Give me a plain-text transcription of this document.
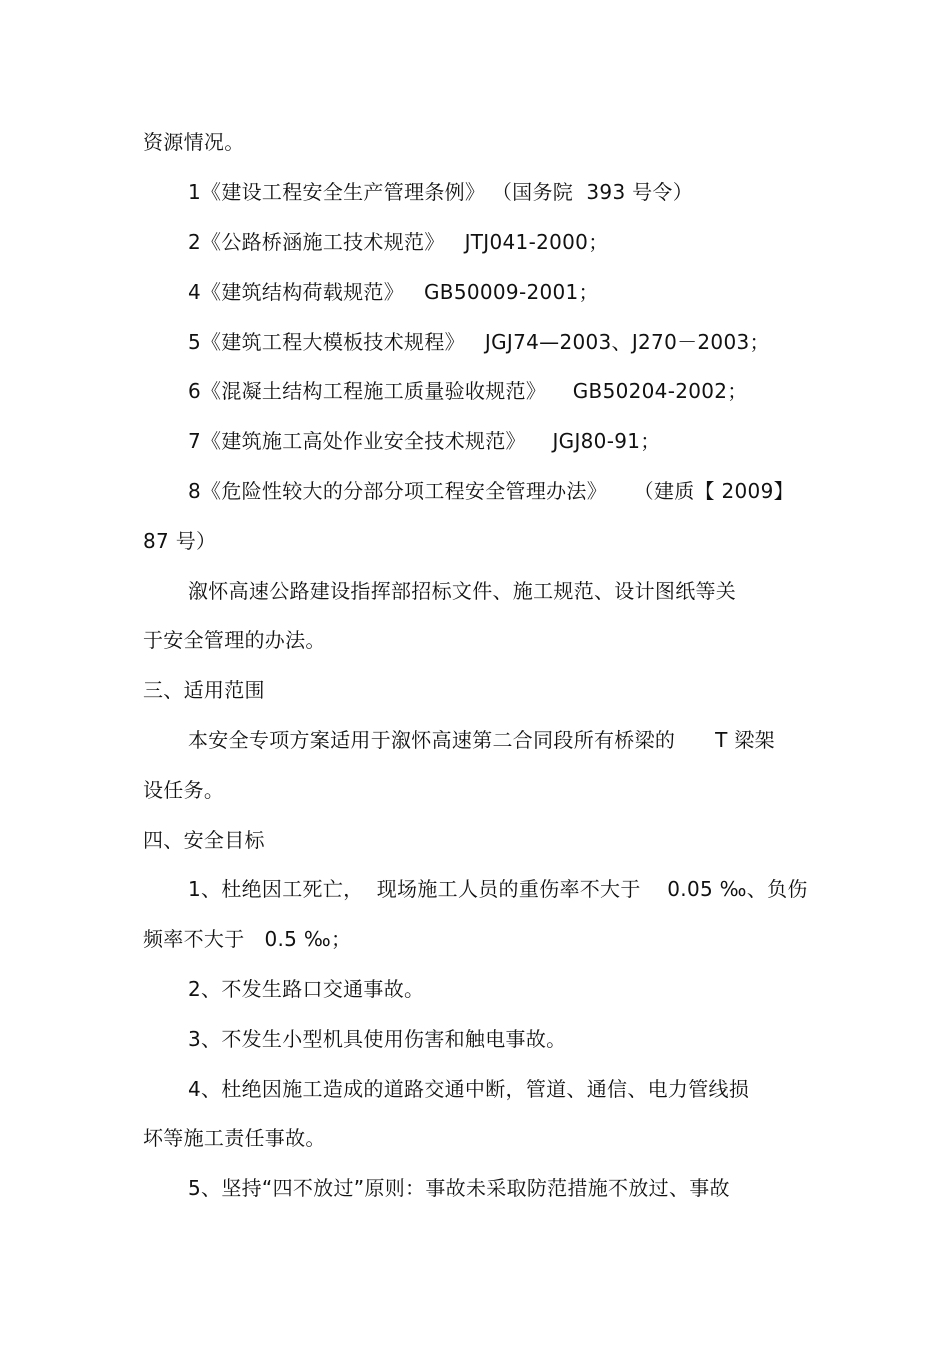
资源情况。
1《建设工程安全生产管理条例》 （国务院  393 号令）
2《公路桥涵施工技术规范》   JTJ041-2000；
4《建筑结构荷载规范》   GB50009-2001；
5《建筑工程大模板技术规程》   JGJ74—2003、J270－2003；
6《混凝土结构工程施工质量验收规范》    GB50204-2002；
7《建筑施工高处作业安全技术规范》    JGJ80-91；
8《危险性较大的分部分项工程安全管理办法》    （建质【 2009】
87 号）
溆怀高速公路建设指挥部招标文件、施工规范、设计图纸等关
于安全管理的办法。
三、适用范围
本安全专项方案适用于溆怀高速第二合同段所有桥梁的      T 梁架
设任务。
四、安全目标
1、杜绝因工死亡，  现场施工人员的重伤率不大于    0.05 ‰、负伤
频率不大于   0.5 ‰；
2、不发生路口交通事故。
3、不发生小型机具使用伤害和触电事故。
4、杜绝因施工造成的道路交通中断，管道、通信、电力管线损
坏等施工责任事故。
5、坚持“四不放过”原则：事故未采取防范措施不放过、事故
